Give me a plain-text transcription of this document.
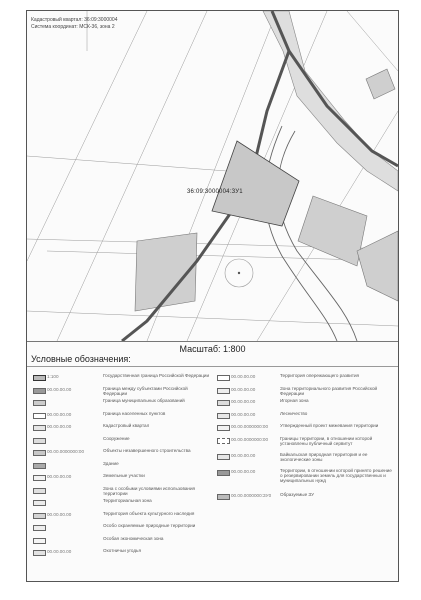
36:09:3000004:ЗУ1
Кадастровый квартал: 36:09:3000004
Система координат: МСК-36, зона 2
Масштаб: 1:800
Условные обозначения:
1:100	Государственная граница Российской Федерации
00.00.00.00	Граница между субъектами Российской Федерации
Граница муниципальных образований
00.00.00.00	Граница населенных пунктов
00.00.00.00	Кадастровый квартал
Сооружение
00.00.0000000:00	Объекты незавершенного строительства
Здание
00.00.00.00	Земельные участки
Зона с особыми условиями использования территории
Территориальная зона
00.00.00.00	Территория объекта культурного наследия
Особо охраняемые природные территории
Особая экономическая зона
00.00.00.00	Охотничьи угодья
00.00.00.00	Территория опережающего развития
00.00.00.00	Зона территориального развития Российской Федерации
00.00.00.00	Игорная зона
00.00.00.00	Лесничество
00.00.0000000:00	Утвержденный проект межевания территории
00.00.0000000:00	Границы территории, в отношении которой установлены публичный сервитут
00.00.00.00	Байкальская природная территория и ее экологические зоны
00.00.00.00	Территории, в отношении которой принято решение о резервировании земель для государственных и муниципальных нужд
00.00.0000000:ЗУ0 Образуемые ЗУ
